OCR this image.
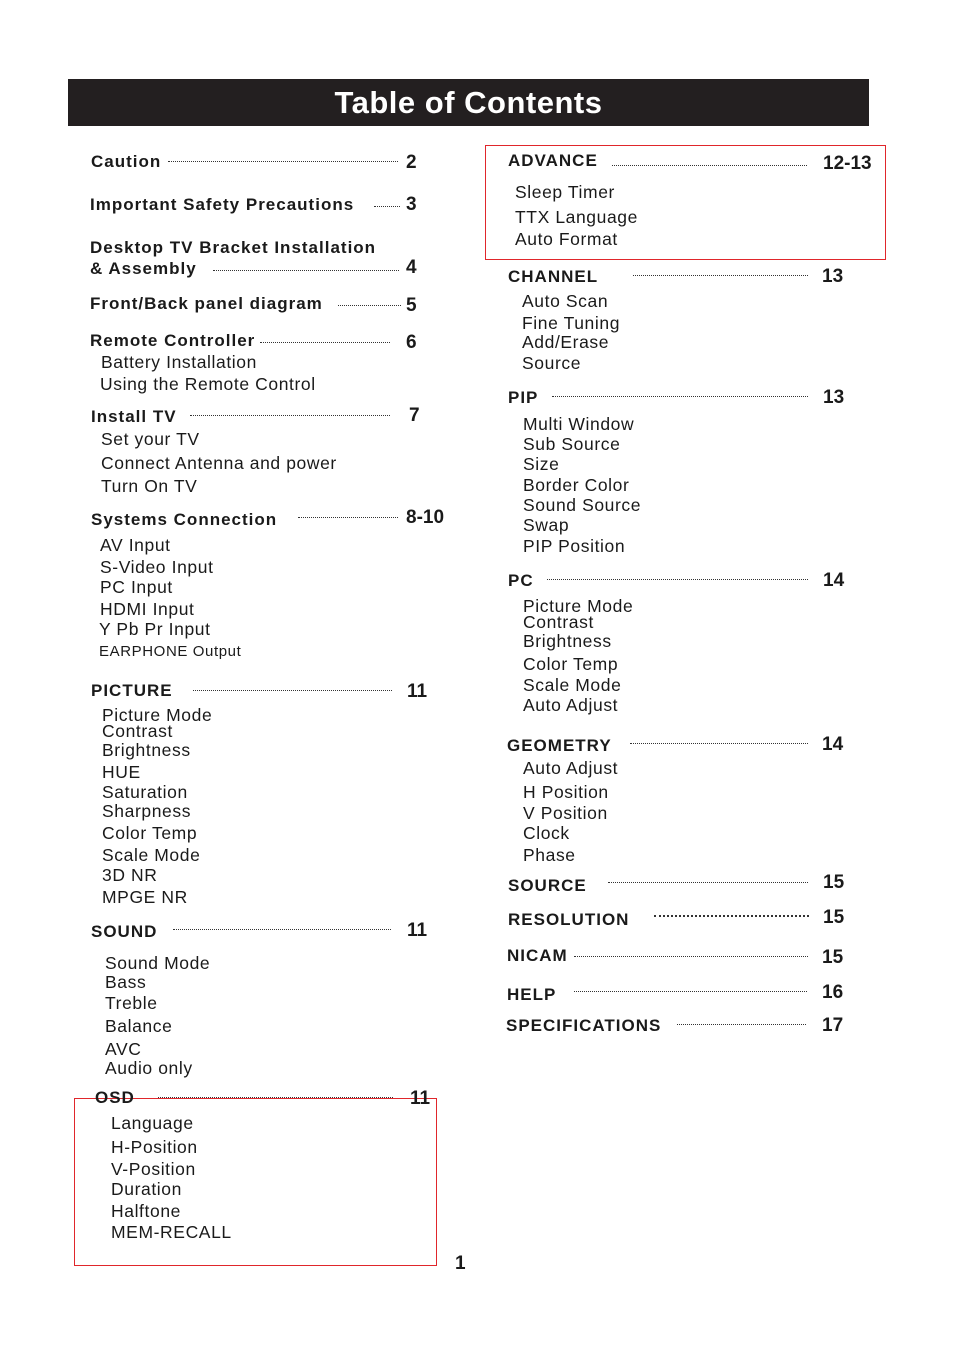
Table of Contents
Caution	2
Important Safety Precautions	3
Desktop TV Bracket Installation
& Assembly	4
Front/Back panel diagram	5
Remote Controller	6
Battery Installation
Using the Remote Control
Install TV	7
Set your TV
Connect Antenna and power
Turn On TV
Systems Connection	8-10
AV Input
S-Video Input
PC Input
HDMI Input
Y Pb Pr Input
EARPHONE Output
PICTURE	11
Picture Mode
Contrast
Brightness
HUE
Saturation
Sharpness
Color Temp
Scale Mode
3D NR
MPGE NR
SOUND	11
Sound Mode
Bass
Treble
Balance
AVC
Audio only
OSD	11
Language
H-Position
V-Position
Duration
Halftone
MEM-RECALL
ADVANCE	12-13
Sleep Timer
TTX Language
Auto Format
CHANNEL	13
Auto Scan
Fine Tuning
Add/Erase
Source
PIP	13
Multi Window
Sub Source
Size
Border Color
Sound Source
Swap
PIP Position
PC	14
Picture Mode
Contrast
Brightness
Color Temp
Scale Mode
Auto Adjust
GEOMETRY	14
Auto Adjust
H Position
V Position
Clock
Phase
SOURCE	15
RESOLUTION	15
NICAM	15
HELP	16
SPECIFICATIONS	17
1
